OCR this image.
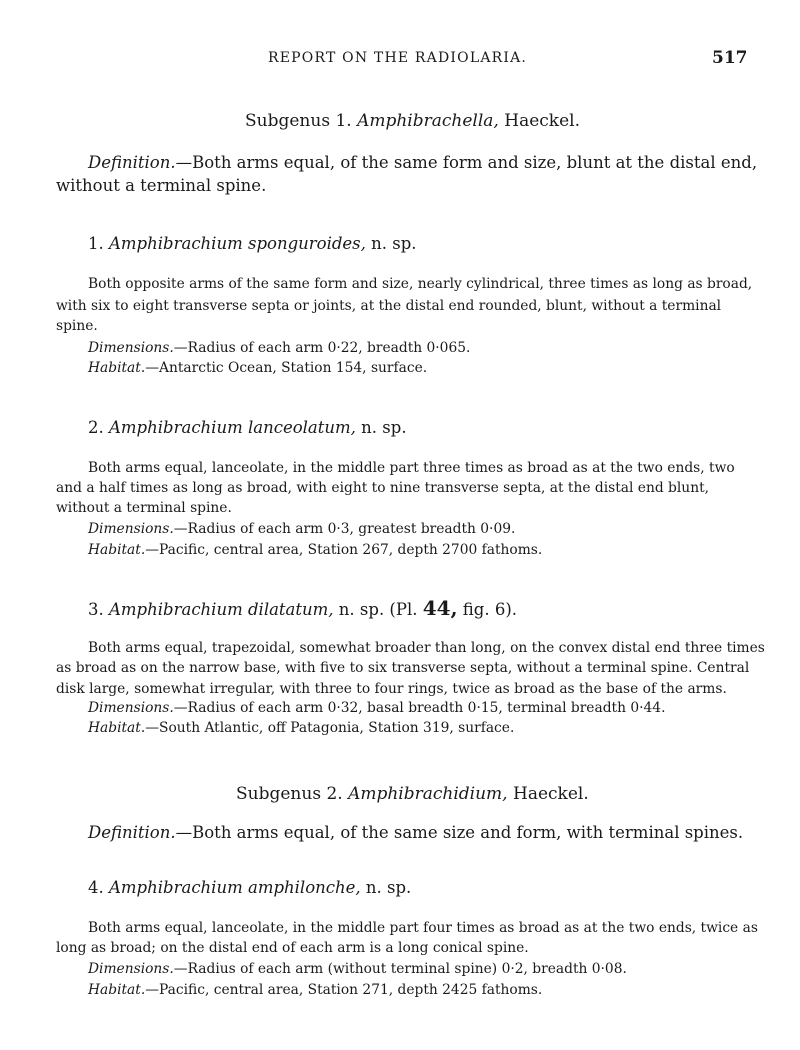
REPORT ON THE RADIOLARIA.	517
Subgenus 1. Amphibrachella, Haeckel.
Definition.—Both arms equal, of the same form and size, blunt at the distal end,
without a terminal spine.
1. Amphibrachium sponguroides, n. sp.
Both opposite arms of the same form and size, nearly cylindrical, three times as long as broad,
with six to eight transverse septa or joints, at the distal end rounded, blunt, without a terminal
spine.
Dimensions.—Radius of each arm 0·22, breadth 0·065.
Habitat.—Antarctic Ocean, Station 154, surface.
2. Amphibrachium lanceolatum, n. sp.
Both arms equal, lanceolate, in the middle part three times as broad as at the two ends, two
and a half times as long as broad, with eight to nine transverse septa, at the distal end blunt,
without a terminal spine.
Dimensions.—Radius of each arm 0·3, greatest breadth 0·09.
Habitat.—Pacific, central area, Station 267, depth 2700 fathoms.
3. Amphibrachium dilatatum, n. sp. (Pl. 44, fig. 6).
Both arms equal, trapezoidal, somewhat broader than long, on the convex distal end three times
as broad as on the narrow base, with five to six transverse septa, without a terminal spine. Central
disk large, somewhat irregular, with three to four rings, twice as broad as the base of the arms.
Dimensions.—Radius of each arm 0·32, basal breadth 0·15, terminal breadth 0·44.
Habitat.—South Atlantic, off Patagonia, Station 319, surface.
Subgenus 2. Amphibrachidium, Haeckel.
Definition.—Both arms equal, of the same size and form, with terminal spines.
4. Amphibrachium amphilonche, n. sp.
Both arms equal, lanceolate, in the middle part four times as broad as at the two ends, twice as
long as broad; on the distal end of each arm is a long conical spine.
Dimensions.—Radius of each arm (without terminal spine) 0·2, breadth 0·08.
Habitat.—Pacific, central area, Station 271, depth 2425 fathoms.
